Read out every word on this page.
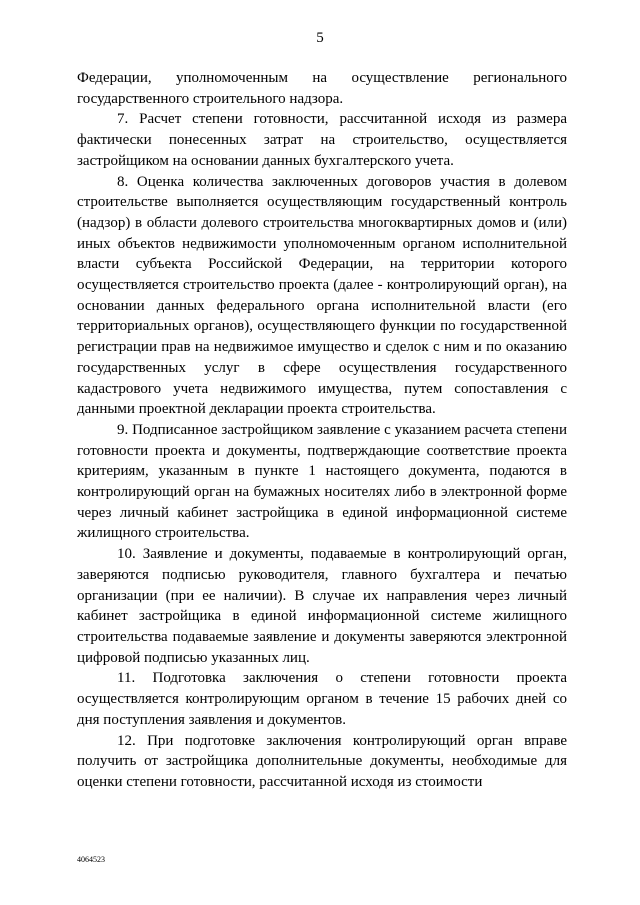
5

Федерации, уполномоченным на осуществление регионального государственного строительного надзора.

7. Расчет степени готовности, рассчитанной исходя из размера фактически понесенных затрат на строительство, осуществляется застройщиком на основании данных бухгалтерского учета.

8. Оценка количества заключенных договоров участия в долевом строительстве выполняется осуществляющим государственный контроль (надзор) в области долевого строительства многоквартирных домов и (или) иных объектов недвижимости уполномоченным органом исполнительной власти субъекта Российской Федерации, на территории которого осуществляется строительство проекта (далее - контролирующий орган), на основании данных федерального органа исполнительной власти (его территориальных органов), осуществляющего функции по государственной регистрации прав на недвижимое имущество и сделок с ним и по оказанию государственных услуг в сфере осуществления государственного кадастрового учета недвижимого имущества, путем сопоставления с данными проектной декларации проекта строительства.

9. Подписанное застройщиком заявление с указанием расчета степени готовности проекта и документы, подтверждающие соответствие проекта критериям, указанным в пункте 1 настоящего документа, подаются в контролирующий орган на бумажных носителях либо в электронной форме через личный кабинет застройщика в единой информационной системе жилищного строительства.

10. Заявление и документы, подаваемые в контролирующий орган, заверяются подписью руководителя, главного бухгалтера и печатью организации (при ее наличии). В случае их направления через личный кабинет застройщика в единой информационной системе жилищного строительства подаваемые заявление и документы заверяются электронной цифровой подписью указанных лиц.

11. Подготовка заключения о степени готовности проекта осуществляется контролирующим органом в течение 15 рабочих дней со дня поступления заявления и документов.

12. При подготовке заключения контролирующий орган вправе получить от застройщика дополнительные документы, необходимые для оценки степени готовности, рассчитанной исходя из стоимости

4064523
